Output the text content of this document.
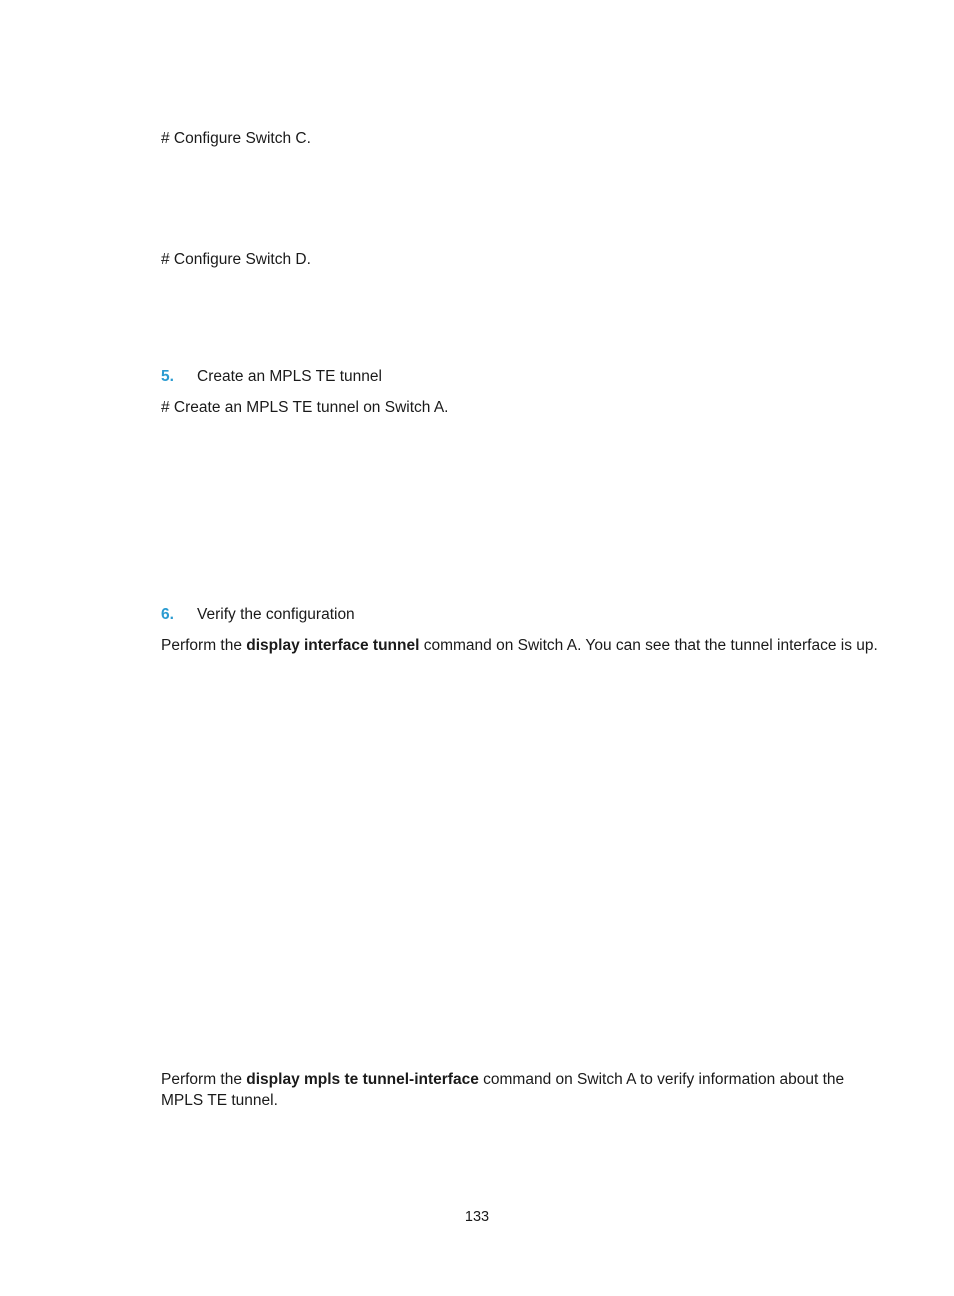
# Configure Switch C.

# Configure Switch D.

5. Create an MPLS TE tunnel

# Create an MPLS TE tunnel on Switch A.

6. Verify the configuration

Perform the display interface tunnel command on Switch A. You can see that the tunnel interface is up.

Perform the display mpls te tunnel-interface command on Switch A to verify information about the MPLS TE tunnel.

133
